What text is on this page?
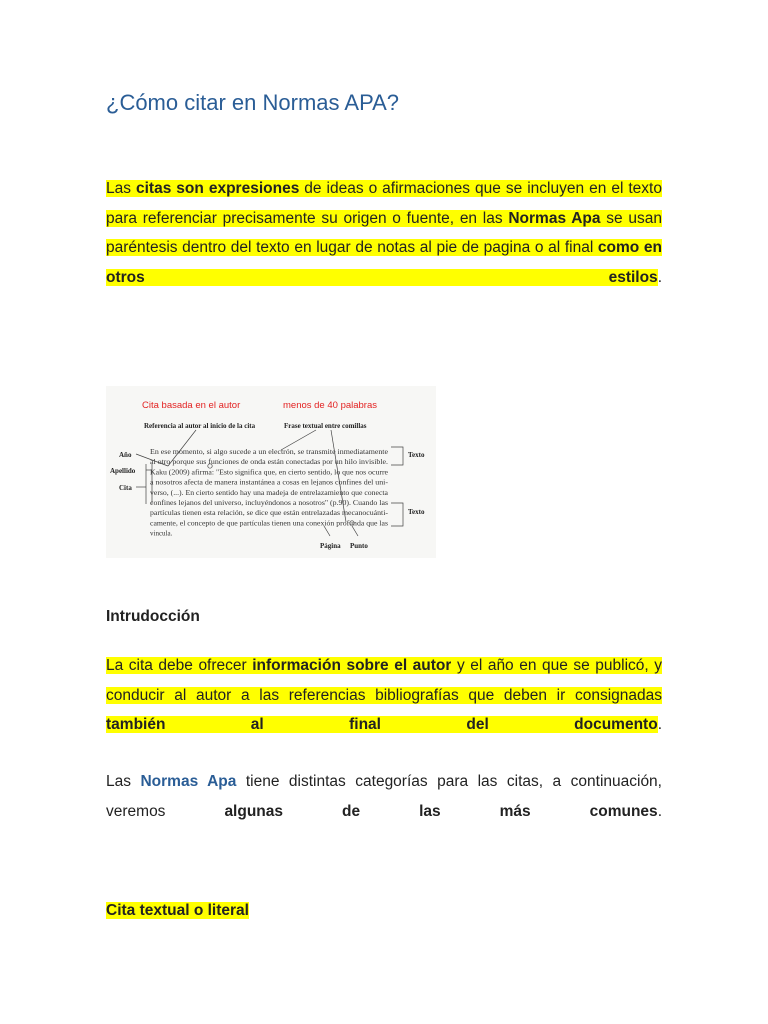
¿Cómo citar en Normas APA?

Las citas son expresiones de ideas o afirmaciones que se incluyen en el texto para referenciar precisamente su origen o fuente, en las Normas Apa se usan paréntesis dentro del texto en lugar de notas al pie de pagina o al final como en otros estilos.

Cita basada en el autor	menos de 40 palabras
Referencia al autor al inicio de la cita	Frase textual entre comillas
Año
Apellido
Cita
Texto
Texto
Página Punto
En ese momento, si algo sucede a un electrón, se transmite inmediatamente
al otro porque sus funciones de onda están conectadas por un hilo invisible.
Kaku (2009) afirma: "Esto significa que, en cierto sentido, lo que nos ocurre
a nosotros afecta de manera instantánea a cosas en lejanos confines del uni-
verso, (...). En cierto sentido hay una madeja de entrelazamiento que conecta
confines lejanos del universo, incluyéndonos a nosotros" (p.90). Cuando las
partículas tienen esta relación, se dice que están entrelazadas mecanocuánti-
camente, el concepto de que partículas tienen una conexión profunda que las
vincula.
Intrudocción

La cita debe ofrecer información sobre el autor y el año en que se publicó, y conducir al autor a las referencias bibliografías que deben ir consignadas también al final del documento.

Las Normas Apa tiene distintas categorías para las citas, a continuación, veremos algunas de las más comunes.

Cita textual o literal
